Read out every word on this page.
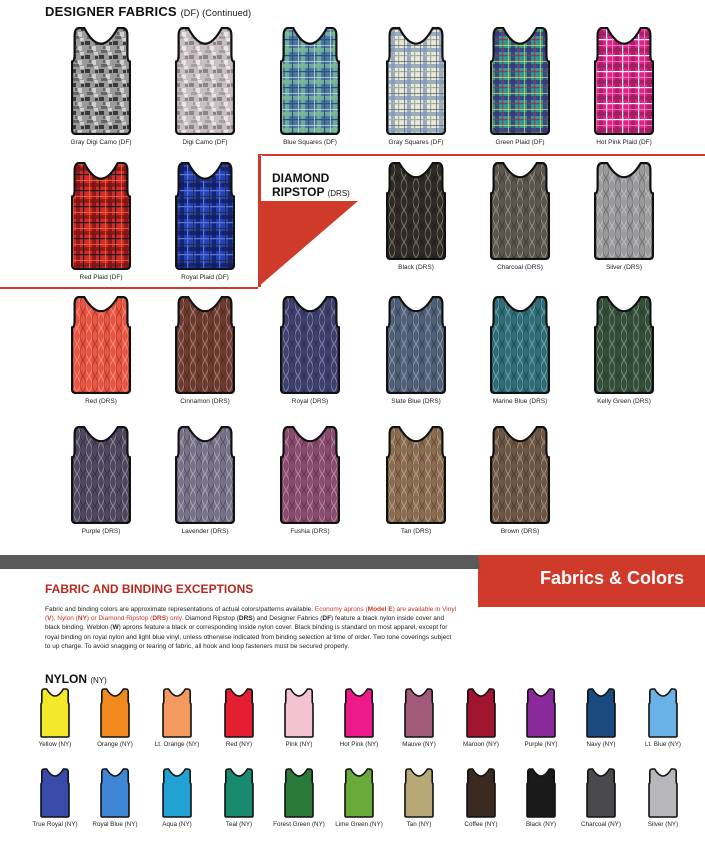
DESIGNER FABRICS (DF) (Continued)
DIAMOND
RIPSTOP (DRS)
Gray Digi Camo (DF)	Digi Camo (DF)	Blue Squares (DF)	Gray Squares (DF)	Green Plaid (DF)	Hot Pink Plaid (DF)
Red Plaid (DF)	Royal Plaid (DF)
Black (DRS)	Charcoal (DRS)	Silver (DRS)
Red (DRS)	Cinnamon (DRS)	Royal (DRS)	Slate Blue (DRS)	Marine Blue (DRS)	Kelly Green (DRS)
Purple (DRS)	Lavender (DRS)	Fushia (DRS)	Tan (DRS)	Brown (DRS)
Fabrics & Colors
FABRIC AND BINDING EXCEPTIONS
Fabric and binding colors are approximate representations of actual colors/patterns available. Economy aprons (Model E) are available in Vinyl (V), Nylon (NY) or Diamond Ripstop (DRS) only. Diamond Ripstop (DRS) and Designer Fabrics (DF) feature a black nylon inside cover and black binding. Weblon (W) aprons feature a black or corresponding inside nylon cover. Black binding is standard on most apparel, except for royal binding on royal nylon and light blue vinyl, unless otherwise indicated from binding selection at time of order. Two tone coverings subject to up charge. To avoid snagging or tearing of fabric, all hook and loop fasteners must be secured properly.
NYLON (NY)
Yellow (NY)	Orange (NY)	Lt. Orange (NY)	Red (NY)	Pink (NY)	Hot Pink (NY)	Mauve (NY)	Maroon (NY)	Purple (NY)	Navy (NY)	Lt. Blue (NY)
True Royal (NY)	Royal Blue (NY)	Aqua (NY)	Teal (NY)	Forest Green (NY)	Lime Green (NY)	Tan (NY)	Coffee (NY)	Black (NY)	Charcoal (NY)	Silver (NY)
